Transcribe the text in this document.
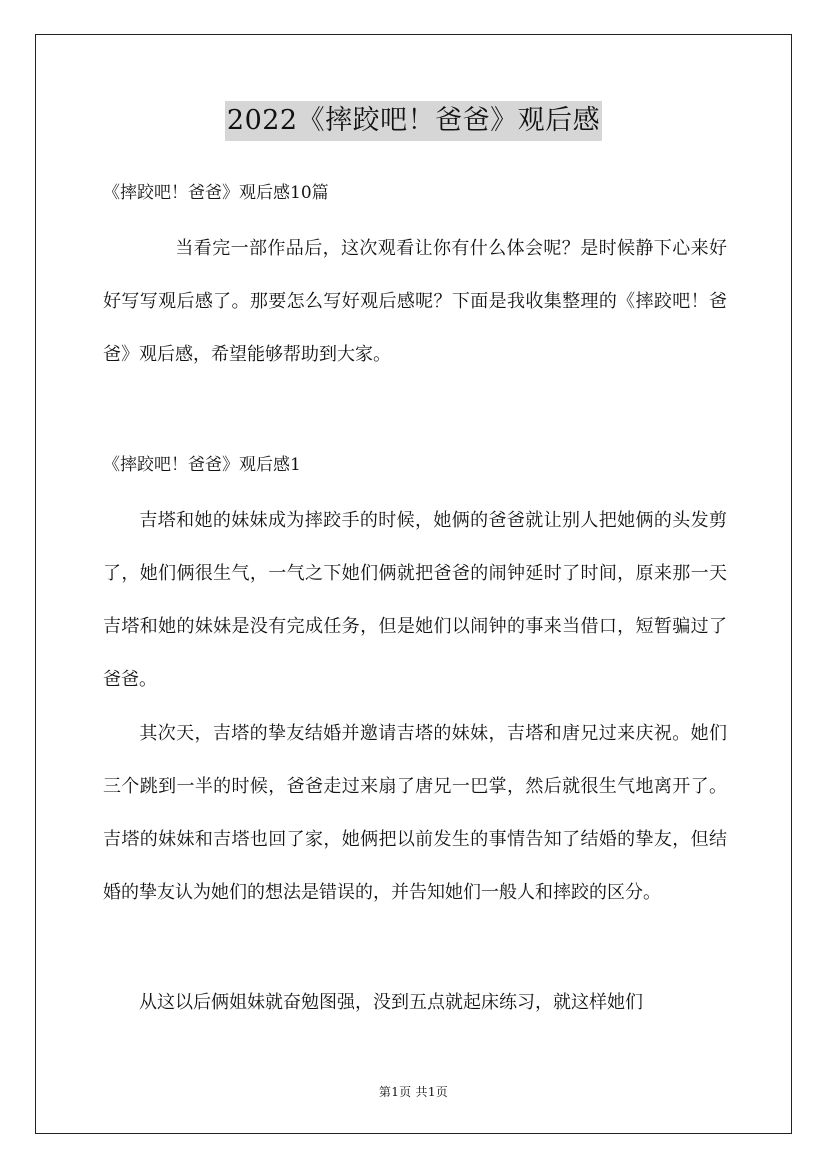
2022《摔跤吧！爸爸》观后感
《摔跤吧！爸爸》观后感10篇

当看完一部作品后，这次观看让你有什么体会呢？是时候静下心来好好写写观后感了。那要怎么写好观后感呢？下面是我收集整理的《摔跤吧！爸爸》观后感，希望能够帮助到大家。

《摔跤吧！爸爸》观后感1

吉塔和她的妹妹成为摔跤手的时候，她俩的爸爸就让别人把她俩的头发剪了，她们俩很生气，一气之下她们俩就把爸爸的闹钟延时了时间，原来那一天吉塔和她的妹妹是没有完成任务，但是她们以闹钟的事来当借口，短暂骗过了爸爸。

其次天，吉塔的挚友结婚并邀请吉塔的妹妹，吉塔和唐兄过来庆祝。她们三个跳到一半的时候，爸爸走过来扇了唐兄一巴掌，然后就很生气地离开了。吉塔的妹妹和吉塔也回了家，她俩把以前发生的事情告知了结婚的挚友，但结婚的挚友认为她们的想法是错误的，并告知她们一般人和摔跤的区分。

从这以后俩姐妹就奋勉图强，没到五点就起床练习，就这样她们

第1页 共1页
